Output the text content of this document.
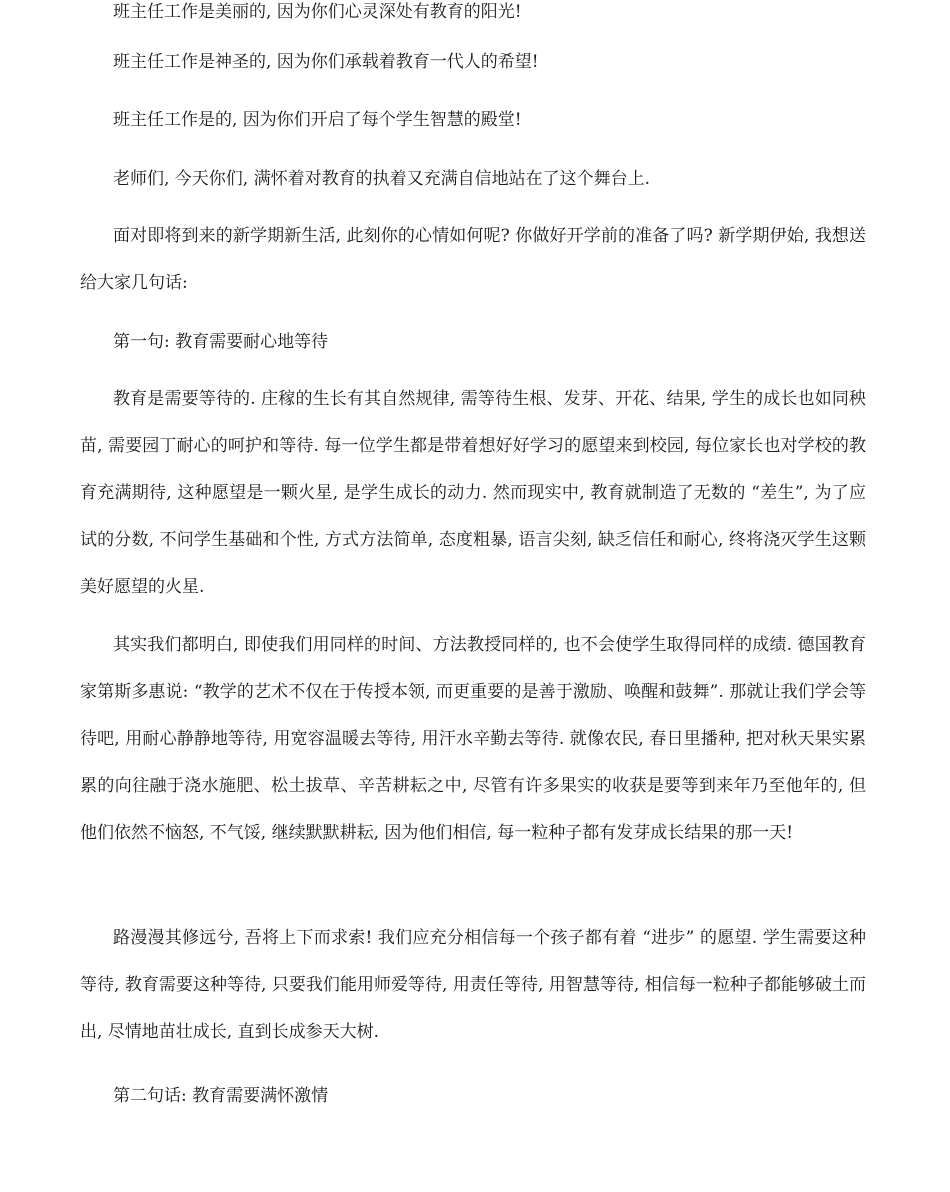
班主任工作是美丽的, 因为你们心灵深处有教育的阳光!

班主任工作是神圣的, 因为你们承载着教育一代人的希望!

班主任工作是的, 因为你们开启了每个学生智慧的殿堂!

老师们, 今天你们, 满怀着对教育的执着又充满自信地站在了这个舞台上.

面对即将到来的新学期新生活, 此刻你的心情如何呢? 你做好开学前的准备了吗? 新学期伊始, 我想送给大家几句话:

第一句: 教育需要耐心地等待

教育是需要等待的. 庄稼的生长有其自然规律, 需等待生根、发芽、开花、结果, 学生的成长也如同秧苗, 需要园丁耐心的呵护和等待. 每一位学生都是带着想好好学习的愿望来到校园, 每位家长也对学校的教育充满期待, 这种愿望是一颗火星, 是学生成长的动力. 然而现实中, 教育就制造了无数的 “差生”, 为了应试的分数, 不问学生基础和个性, 方式方法简单, 态度粗暴, 语言尖刻, 缺乏信任和耐心, 终将浇灭学生这颗美好愿望的火星.

其实我们都明白, 即使我们用同样的时间、方法教授同样的, 也不会使学生取得同样的成绩. 德国教育家第斯多惠说: “教学的艺术不仅在于传授本领, 而更重要的是善于激励、唤醒和鼓舞”. 那就让我们学会等待吧, 用耐心静静地等待, 用宽容温暖去等待, 用汗水辛勤去等待. 就像农民, 春日里播种, 把对秋天果实累累的向往融于浇水施肥、松土拔草、辛苦耕耘之中, 尽管有许多果实的收获是要等到来年乃至他年的, 但他们依然不恼怒, 不气馁, 继续默默耕耘, 因为他们相信, 每一粒种子都有发芽成长结果的那一天!

路漫漫其修远兮, 吾将上下而求索! 我们应充分相信每一个孩子都有着 “进步” 的愿望. 学生需要这种等待, 教育需要这种等待, 只要我们能用师爱等待, 用责任等待, 用智慧等待, 相信每一粒种子都能够破土而出, 尽情地苗壮成长, 直到长成参天大树.

第二句话: 教育需要满怀激情
